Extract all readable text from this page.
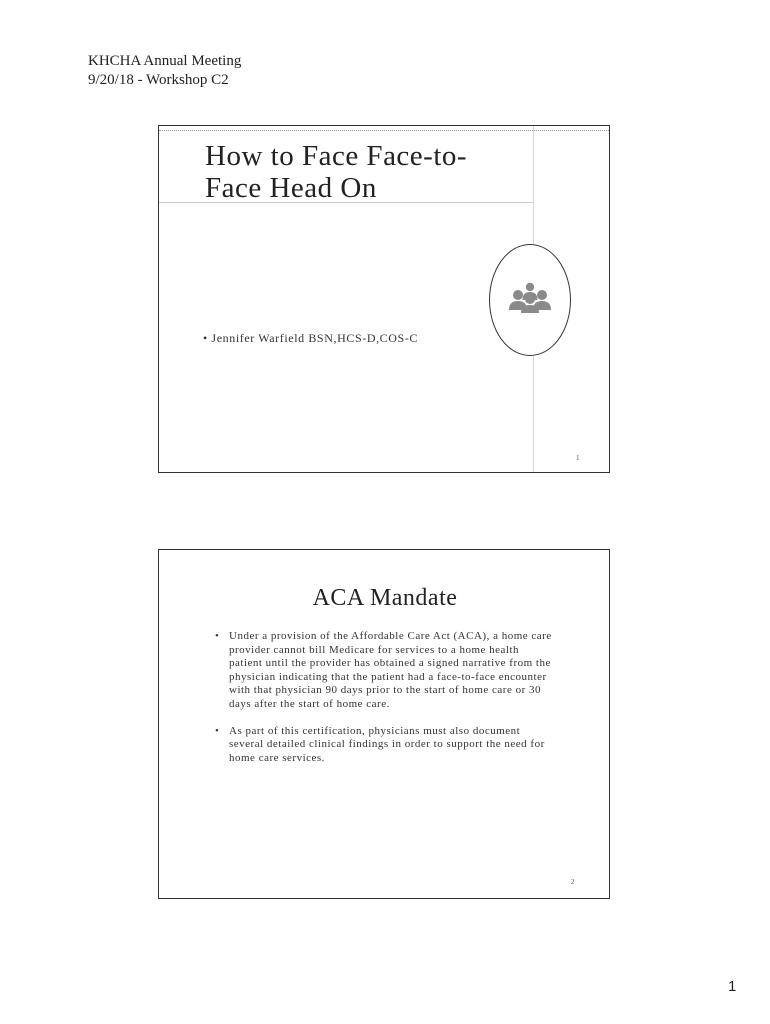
KHCHA Annual Meeting
9/20/18 - Workshop C2
How to Face Face-to-
Face Head On
• Jennifer Warfield BSN,HCS-D,COS-C
1
ACA Mandate
• Under a provision of the Affordable Care Act (ACA), a home care provider cannot bill Medicare for services to a home health patient until the provider has obtained a signed narrative from the physician indicating that the patient had a face-to-face encounter with that physician 90 days prior to the start of home care or 30 days after the start of home care.
• As part of this certification, physicians must also document several detailed clinical findings in order to support the need for home care services.
2
1
